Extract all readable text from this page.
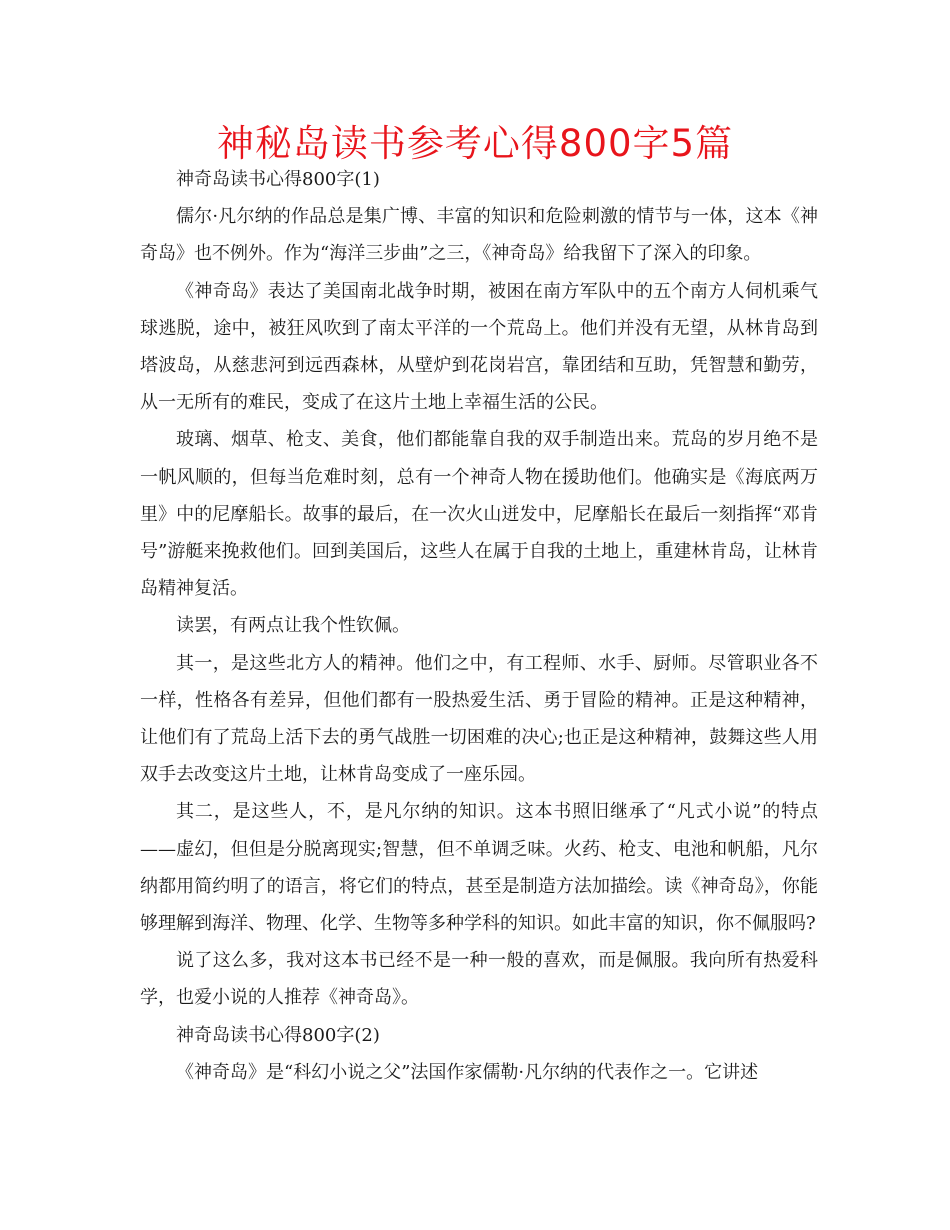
神秘岛读书参考心得800字5篇

神奇岛读书心得800字(1)

儒尔·凡尔纳的作品总是集广博、丰富的知识和危险刺激的情节与一体，这本《神奇岛》也不例外。作为“海洋三步曲”之三，《神奇岛》给我留下了深入的印象。

《神奇岛》表达了美国南北战争时期，被困在南方军队中的五个南方人伺机乘气球逃脱，途中，被狂风吹到了南太平洋的一个荒岛上。他们并没有无望，从林肯岛到塔波岛，从慈悲河到远西森林，从壁炉到花岗岩宫，靠团结和互助，凭智慧和勤劳，从一无所有的难民，变成了在这片土地上幸福生活的公民。

玻璃、烟草、枪支、美食，他们都能靠自我的双手制造出来。荒岛的岁月绝不是一帆风顺的，但每当危难时刻，总有一个神奇人物在援助他们。他确实是《海底两万里》中的尼摩船长。故事的最后，在一次火山迸发中，尼摩船长在最后一刻指挥“邓肯号”游艇来挽救他们。回到美国后，这些人在属于自我的土地上，重建林肯岛，让林肯岛精神复活。

读罢，有两点让我个性钦佩。

其一，是这些北方人的精神。他们之中，有工程师、水手、厨师。尽管职业各不一样，性格各有差异，但他们都有一股热爱生活、勇于冒险的精神。正是这种精神，让他们有了荒岛上活下去的勇气战胜一切困难的决心;也正是这种精神，鼓舞这些人用双手去改变这片土地，让林肯岛变成了一座乐园。

其二，是这些人，不，是凡尔纳的知识。这本书照旧继承了“凡式小说”的特点——虚幻，但但是分脱离现实;智慧，但不单调乏味。火药、枪支、电池和帆船，凡尔纳都用简约明了的语言，将它们的特点，甚至是制造方法加描绘。读《神奇岛》，你能够理解到海洋、物理、化学、生物等多种学科的知识。如此丰富的知识，你不佩服吗?

说了这么多，我对这本书已经不是一种一般的喜欢，而是佩服。我向所有热爱科学，也爱小说的人推荐《神奇岛》。

神奇岛读书心得800字(2)

《神奇岛》是“科幻小说之父”法国作家儒勒·凡尔纳的代表作之一。它讲述
